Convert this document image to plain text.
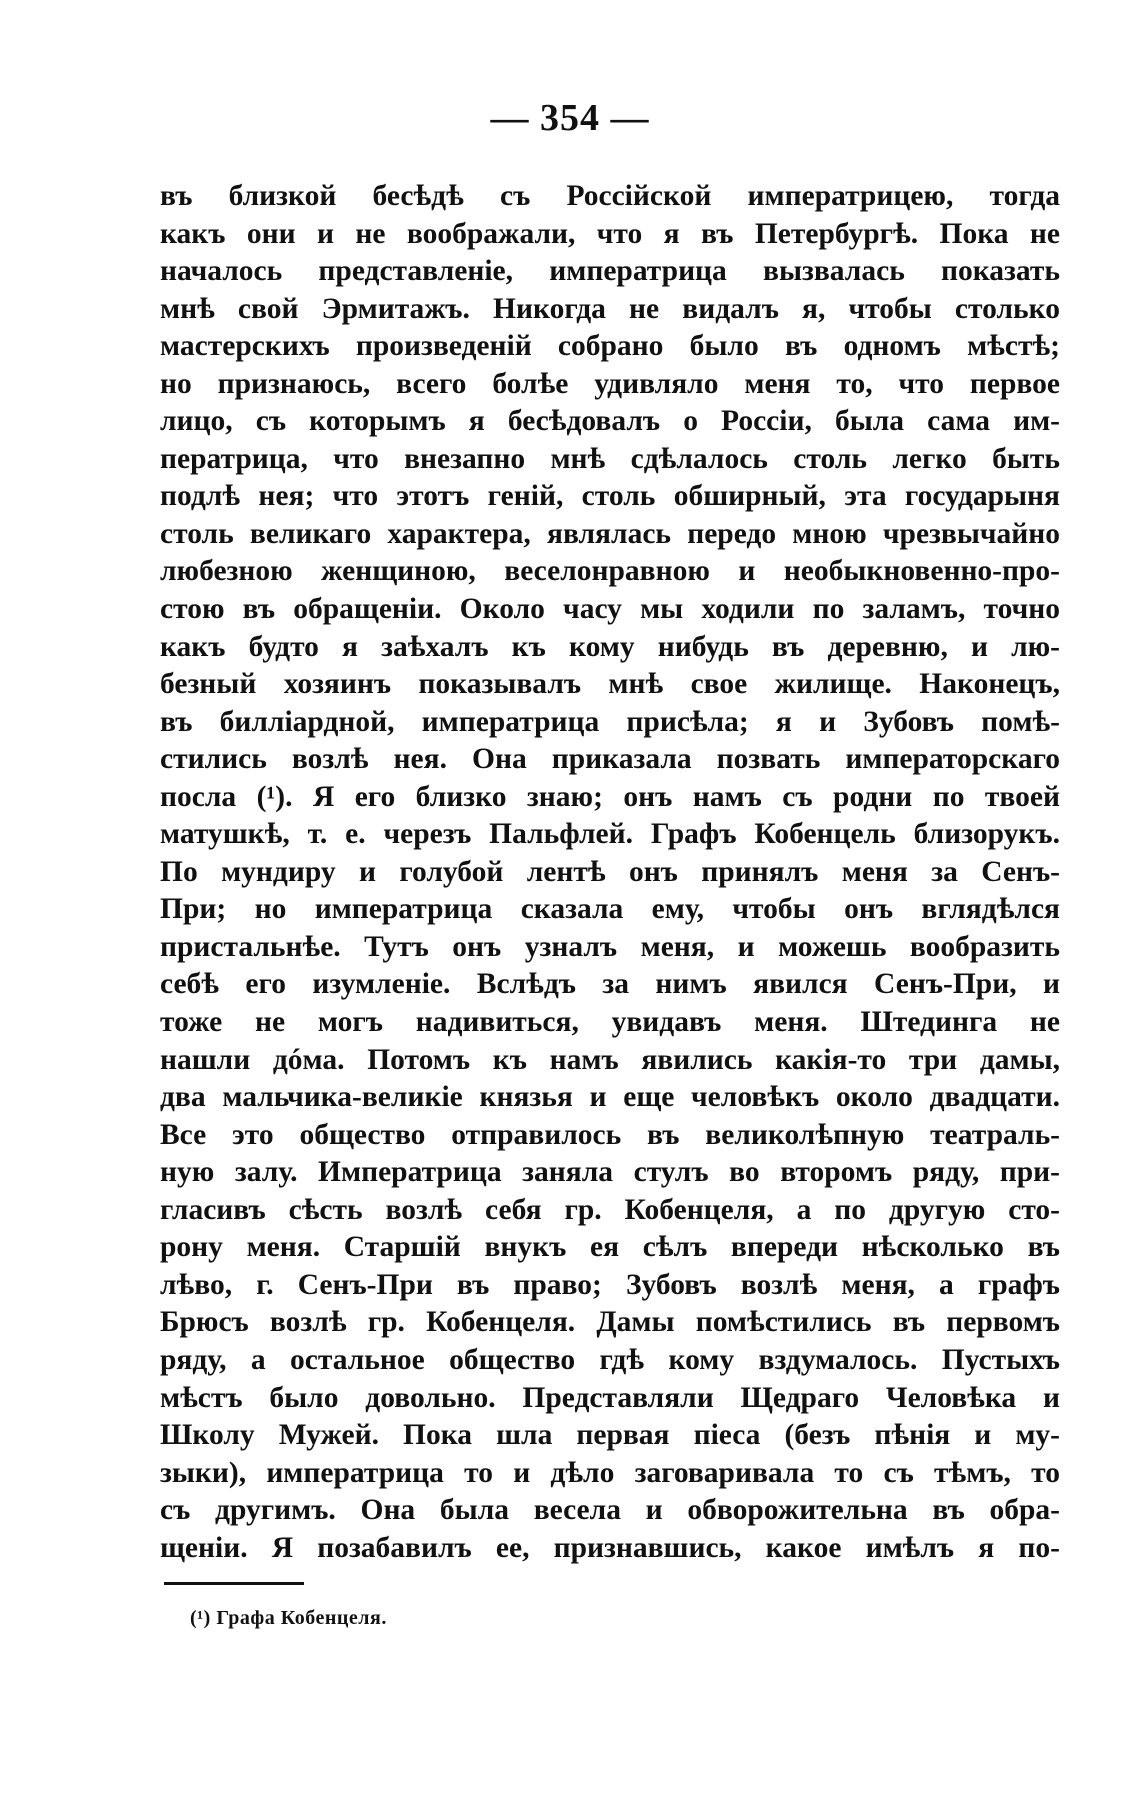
— 354 —
въ близкой бесѣдѣ съ Россійской императрицею, тогда
какъ они и не воображали, что я въ Петербургѣ. Пока не
началось представленіе, императрица вызвалась показать
мнѣ свой Эрмитажъ. Никогда не видалъ я, чтобы столько
мастерскихъ произведеній собрано было въ одномъ мѣстѣ;
но признаюсь, всего болѣе удивляло меня то, что первое
лицо, съ которымъ я бесѣдовалъ о Россіи, была сама им-
ператрица, что внезапно мнѣ сдѣлалось столь легко быть
подлѣ нея; что этотъ геній, столь обширный, эта государыня
столь великаго характера, являлась передо мною чрезвычайно
любезною женщиною, веселонравною и необыкновенно-про-
стою въ обращеніи. Около часу мы ходили по заламъ, точно
какъ будто я заѣхалъ къ кому нибудь въ деревню, и лю-
безный хозяинъ показывалъ мнѣ свое жилище. Наконецъ,
въ билліардной, императрица присѣла; я и Зубовъ помѣ-
стились возлѣ нея. Она приказала позвать императорскаго
посла (¹). Я его близко знаю; онъ намъ съ родни по твоей
матушкѣ, т. е. черезъ Пальфлей. Графъ Кобенцель близорукъ.
По мундиру и голубой лентѣ онъ принялъ меня за Сенъ-
При; но императрица сказала ему, чтобы онъ вглядѣлся
пристальнѣе. Тутъ онъ узналъ меня, и можешь вообразить
себѣ его изумленіе. Вслѣдъ за нимъ явился Сенъ-При, и
тоже не могъ надивиться, увидавъ меня. Штединга не
нашли дóма. Потомъ къ намъ явились какія-то три дамы,
два мальчика-великіе князья и еще человѣкъ около двадцати.
Все это общество отправилось въ великолѣпную театраль-
ную залу. Императрица заняла стулъ во второмъ ряду, при-
гласивъ сѣсть возлѣ себя гр. Кобенцеля, а по другую сто-
рону меня. Старшій внукъ ея сѣлъ впереди нѣсколько въ
лѣво, г. Сенъ-При въ право; Зубовъ возлѣ меня, а графъ
Брюсъ возлѣ гр. Кобенцеля. Дамы помѣстились въ первомъ
ряду, а остальное общество гдѣ кому вздумалось. Пустыхъ
мѣстъ было довольно. Представляли Щедраго Человѣка и
Школу Мужей. Пока шла первая піеса (безъ пѣнія и му-
зыки), императрица то и дѣло заговаривала то съ тѣмъ, то
съ другимъ. Она была весела и обворожительна въ обра-
щеніи. Я позабавилъ ее, признавшись, какое имѣлъ я по-
(¹) Графа Кобенцеля.
